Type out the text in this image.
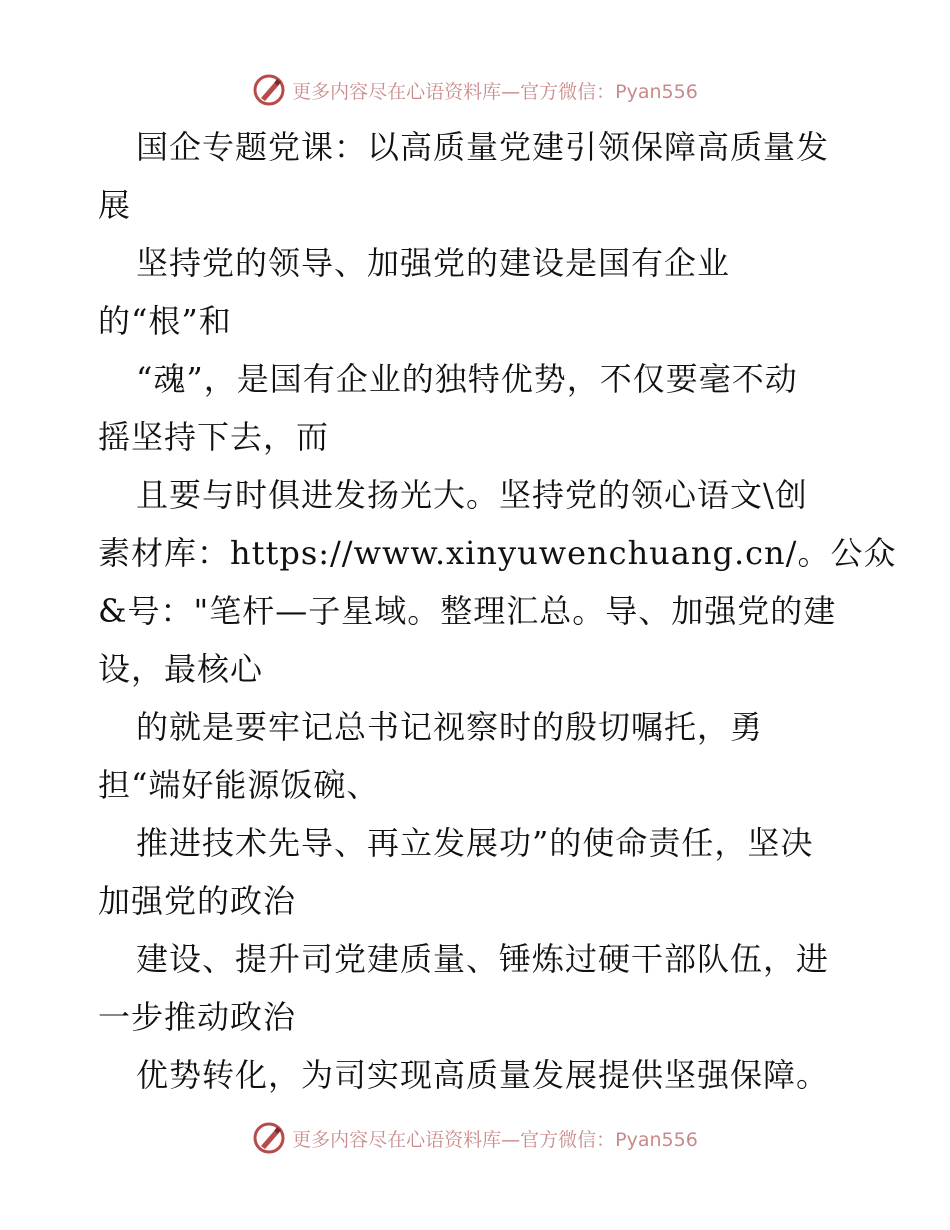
更多内容尽在心语资料库—官方微信：Pyan556
国企专题党课：以高质量党建引领保障高质量发
展
坚持党的领导、加强党的建设是国有企业
的“根”和
“魂”，是国有企业的独特优势，不仅要毫不动
摇坚持下去，而
且要与时俱进发扬光大。坚持党的领心语文\创
素材库：https://www.xinyuwenchuang.cn/。公众
&号："笔杆—子星域。整理汇总。导、加强党的建
设，最核心
的就是要牢记总书记视察时的殷切嘱托，勇
担“端好能源饭碗、
推进技术先导、再立发展功”的使命责任，坚决
加强党的政治
建设、提升司党建质量、锤炼过硬干部队伍，进
一步推动政治
优势转化，为司实现高质量发展提供坚强保障。
更多内容尽在心语资料库—官方微信：Pyan556
